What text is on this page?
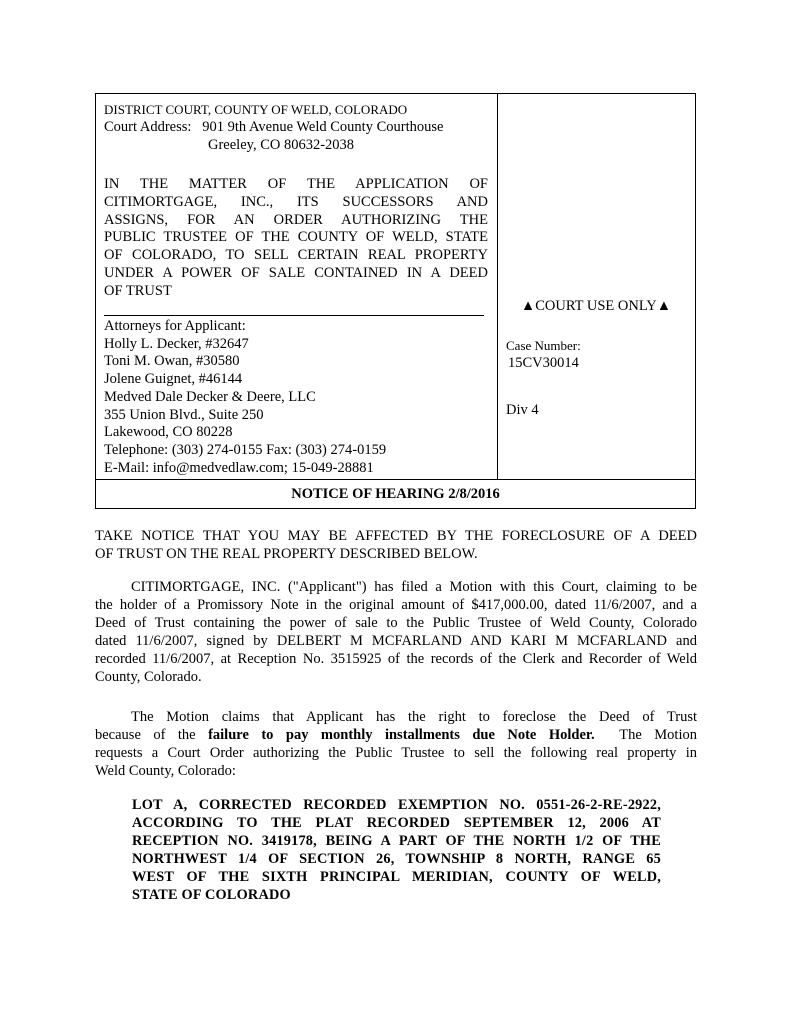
DISTRICT COURT, COUNTY OF WELD, COLORADO
Court Address:   901 9th Avenue Weld County Courthouse
Greeley, CO 80632-2038
IN THE MATTER OF THE APPLICATION OF
CITIMORTGAGE, INC., ITS SUCCESSORS AND
ASSIGNS, FOR AN ORDER AUTHORIZING THE
PUBLIC TRUSTEE OF THE COUNTY OF WELD, STATE
OF COLORADO, TO SELL CERTAIN REAL PROPERTY
UNDER A POWER OF SALE CONTAINED IN A DEED
OF TRUST
Attorneys for Applicant:
Holly L. Decker, #32647
Toni M. Owan, #30580
Jolene Guignet, #46144
Medved Dale Decker & Deere, LLC
355 Union Blvd., Suite 250
Lakewood, CO 80228
Telephone: (303) 274-0155 Fax: (303) 274-0159
E-Mail: info@medvedlaw.com; 15-049-28881
▲COURT USE ONLY▲
Case Number:
15CV30014
Div 4
NOTICE OF HEARING 2/8/2016
TAKE NOTICE THAT YOU MAY BE AFFECTED BY THE FORECLOSURE OF A DEED
OF TRUST ON THE REAL PROPERTY DESCRIBED BELOW.
CITIMORTGAGE, INC. ("Applicant") has filed a Motion with this Court, claiming to be
the holder of a Promissory Note in the original amount of $417,000.00, dated 11/6/2007, and a
Deed of Trust containing the power of sale to the Public Trustee of Weld County, Colorado
dated 11/6/2007, signed by DELBERT M MCFARLAND AND KARI M MCFARLAND and
recorded 11/6/2007, at Reception No. 3515925 of the records of the Clerk and Recorder of Weld
County, Colorado.
The Motion claims that Applicant has the right to foreclose the Deed of Trust
because of the failure to pay monthly installments due Note Holder.  The Motion
requests a Court Order authorizing the Public Trustee to sell the following real property in
Weld County, Colorado:
LOT A, CORRECTED RECORDED EXEMPTION NO. 0551-26-2-RE-2922,
ACCORDING TO THE PLAT RECORDED SEPTEMBER 12, 2006 AT
RECEPTION NO. 3419178, BEING A PART OF THE NORTH 1/2 OF THE
NORTHWEST 1/4 OF SECTION 26, TOWNSHIP 8 NORTH, RANGE 65
WEST OF THE SIXTH PRINCIPAL MERIDIAN, COUNTY OF WELD,
STATE OF COLORADO
